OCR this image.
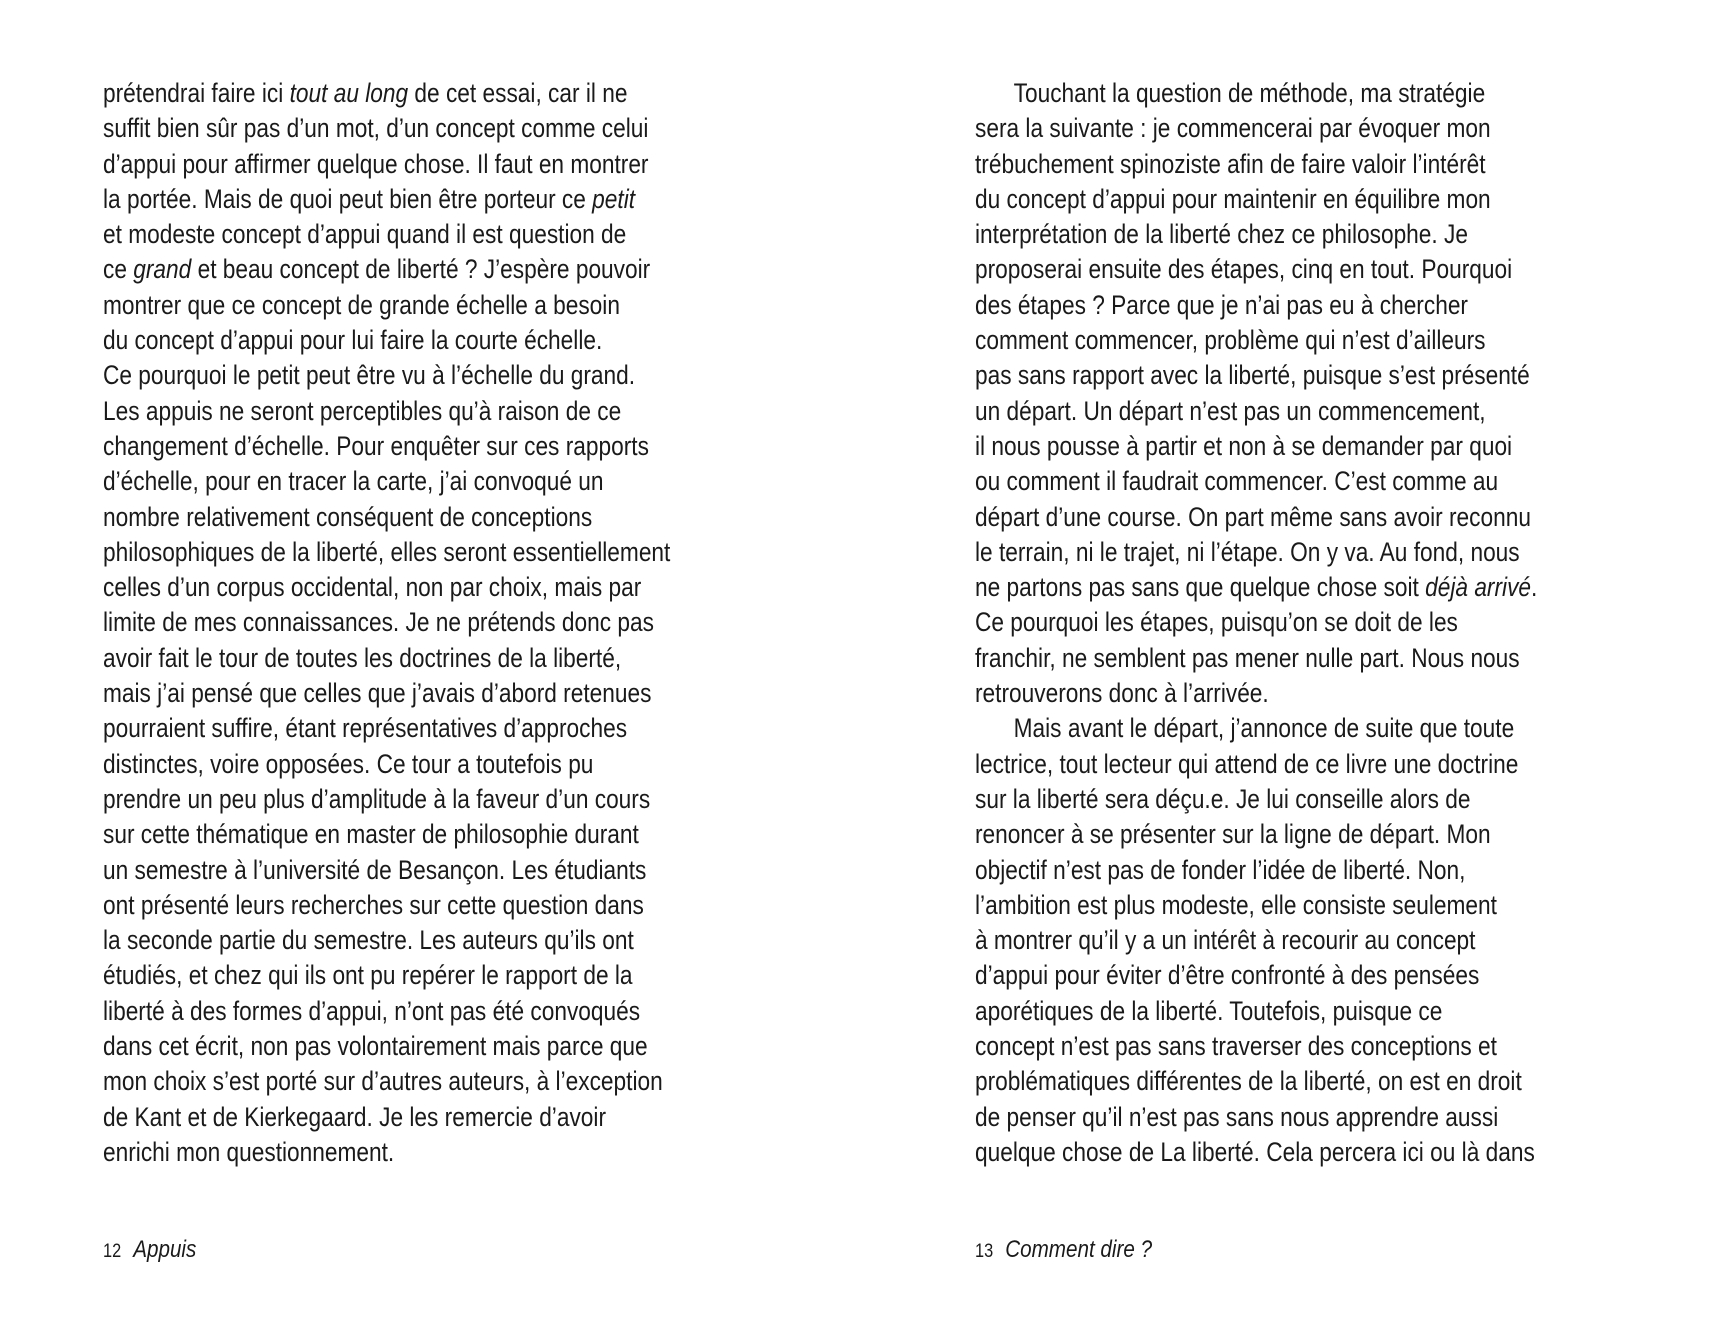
prétendrai faire ici tout au long de cet essai, car il ne
suffit bien sûr pas d’un mot, d’un concept comme celui
d’appui pour affirmer quelque chose. Il faut en montrer
la portée. Mais de quoi peut bien être porteur ce petit
et modeste concept d’appui quand il est question de
ce grand et beau concept de liberté ? J’espère pouvoir
montrer que ce concept de grande échelle a besoin
du concept d’appui pour lui faire la courte échelle.
Ce pourquoi le petit peut être vu à l’échelle du grand.
Les appuis ne seront perceptibles qu’à raison de ce
changement d’échelle. Pour enquêter sur ces rapports
d’échelle, pour en tracer la carte, j’ai convoqué un
nombre relativement conséquent de conceptions
philosophiques de la liberté, elles seront essentiellement
celles d’un corpus occidental, non par choix, mais par
limite de mes connaissances. Je ne prétends donc pas
avoir fait le tour de toutes les doctrines de la liberté,
mais j’ai pensé que celles que j’avais d’abord retenues
pourraient suffire, étant représentatives d’approches
distinctes, voire opposées. Ce tour a toutefois pu
prendre un peu plus d’amplitude à la faveur d’un cours
sur cette thématique en master de philosophie durant
un semestre à l’université de Besançon. Les étudiants
ont présenté leurs recherches sur cette question dans
la seconde partie du semestre. Les auteurs qu’ils ont
étudiés, et chez qui ils ont pu repérer le rapport de la
liberté à des formes d’appui, n’ont pas été convoqués
dans cet écrit, non pas volontairement mais parce que
mon choix s’est porté sur d’autres auteurs, à l’exception
de Kant et de Kierkegaard. Je les remercie d’avoir
enrichi mon questionnement.
12 Appuis
Touchant la question de méthode, ma stratégie
sera la suivante : je commencerai par évoquer mon
trébuchement spinoziste afin de faire valoir l’intérêt
du concept d’appui pour maintenir en équilibre mon
interprétation de la liberté chez ce philosophe. Je
proposerai ensuite des étapes, cinq en tout. Pourquoi
des étapes ? Parce que je n’ai pas eu à chercher
comment commencer, problème qui n’est d’ailleurs
pas sans rapport avec la liberté, puisque s’est présenté
un départ. Un départ n’est pas un commencement,
il nous pousse à partir et non à se demander par quoi
ou comment il faudrait commencer. C’est comme au
départ d’une course. On part même sans avoir reconnu
le terrain, ni le trajet, ni l’étape. On y va. Au fond, nous
ne partons pas sans que quelque chose soit déjà arrivé.
Ce pourquoi les étapes, puisqu’on se doit de les
franchir, ne semblent pas mener nulle part. Nous nous
retrouverons donc à l’arrivée.
Mais avant le départ, j’annonce de suite que toute
lectrice, tout lecteur qui attend de ce livre une doctrine
sur la liberté sera déçu.e. Je lui conseille alors de
renoncer à se présenter sur la ligne de départ. Mon
objectif n’est pas de fonder l’idée de liberté. Non,
l’ambition est plus modeste, elle consiste seulement
à montrer qu’il y a un intérêt à recourir au concept
d’appui pour éviter d’être confronté à des pensées
aporétiques de la liberté. Toutefois, puisque ce
concept n’est pas sans traverser des conceptions et
problématiques différentes de la liberté, on est en droit
de penser qu’il n’est pas sans nous apprendre aussi
quelque chose de La liberté. Cela percera ici ou là dans
13 Comment dire ?
